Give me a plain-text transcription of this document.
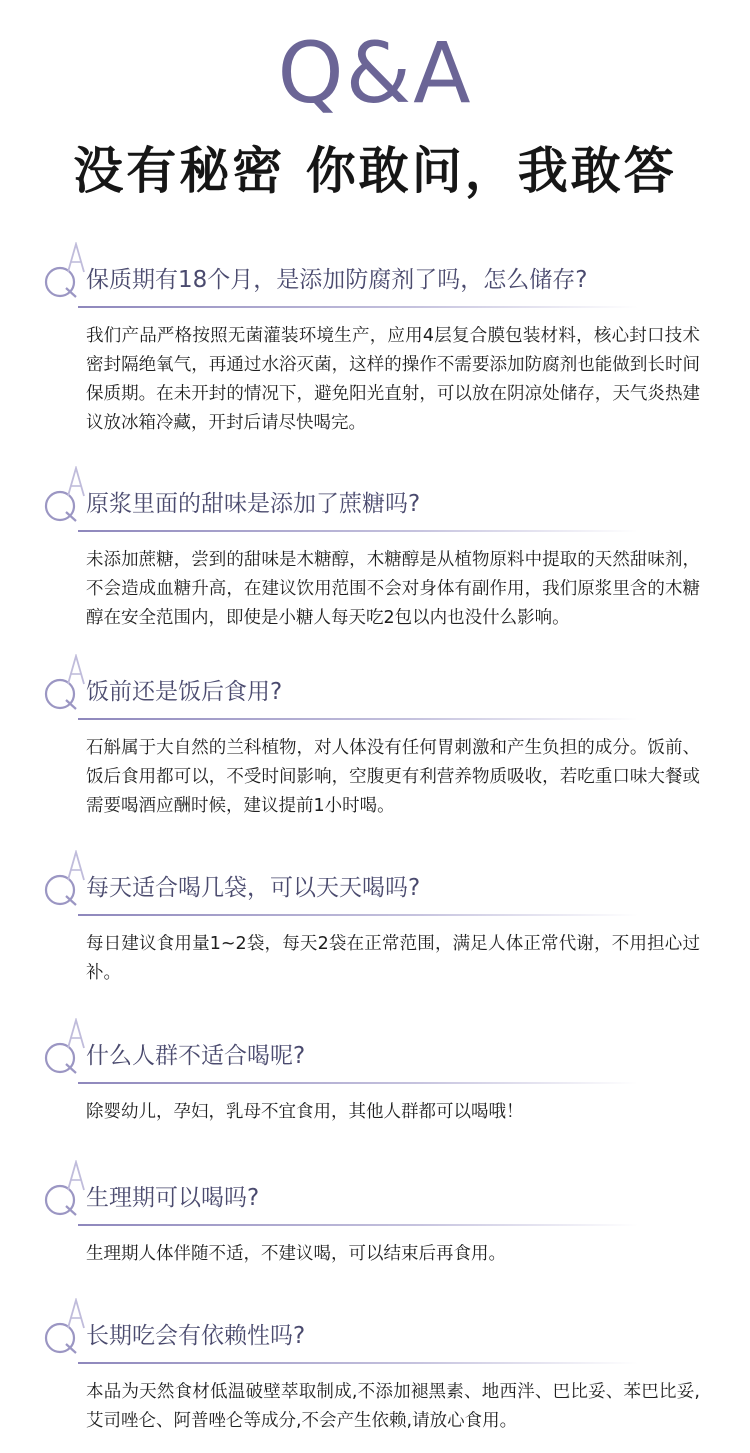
Q&A
没有秘密 你敢问，我敢答
保质期有18个月，是添加防腐剂了吗，怎么储存?

我们产品严格按照无菌灌装环境生产，应用4层复合膜包装材料，核心封口技术密封隔绝氧气，再通过水浴灭菌，这样的操作不需要添加防腐剂也能做到长时间保质期。在未开封的情况下，避免阳光直射，可以放在阴凉处储存，天气炎热建议放冰箱冷藏，开封后请尽快喝完。

原浆里面的甜味是添加了蔗糖吗?

未添加蔗糖，尝到的甜味是木糖醇，木糖醇是从植物原料中提取的天然甜味剂，不会造成血糖升高，在建议饮用范围不会对身体有副作用，我们原浆里含的木糖醇在安全范围内，即使是小糖人每天吃2包以内也没什么影响。

饭前还是饭后食用?

石斛属于大自然的兰科植物，对人体没有任何胃刺激和产生负担的成分。饭前、饭后食用都可以，不受时间影响，空腹更有利营养物质吸收，若吃重口味大餐或需要喝酒应酬时候，建议提前1小时喝。

每天适合喝几袋，可以天天喝吗?

每日建议食用量1~2袋，每天2袋在正常范围，满足人体正常代谢，不用担心过补。

什么人群不适合喝呢?

除婴幼儿，孕妇，乳母不宜食用，其他人群都可以喝哦！

生理期可以喝吗?

生理期人体伴随不适，不建议喝，可以结束后再食用。

长期吃会有依赖性吗?

本品为天然食材低温破壁萃取制成,不添加褪黑素、地西泮、巴比妥、苯巴比妥,艾司唑仑、阿普唑仑等成分,不会产生依赖,请放心食用。
